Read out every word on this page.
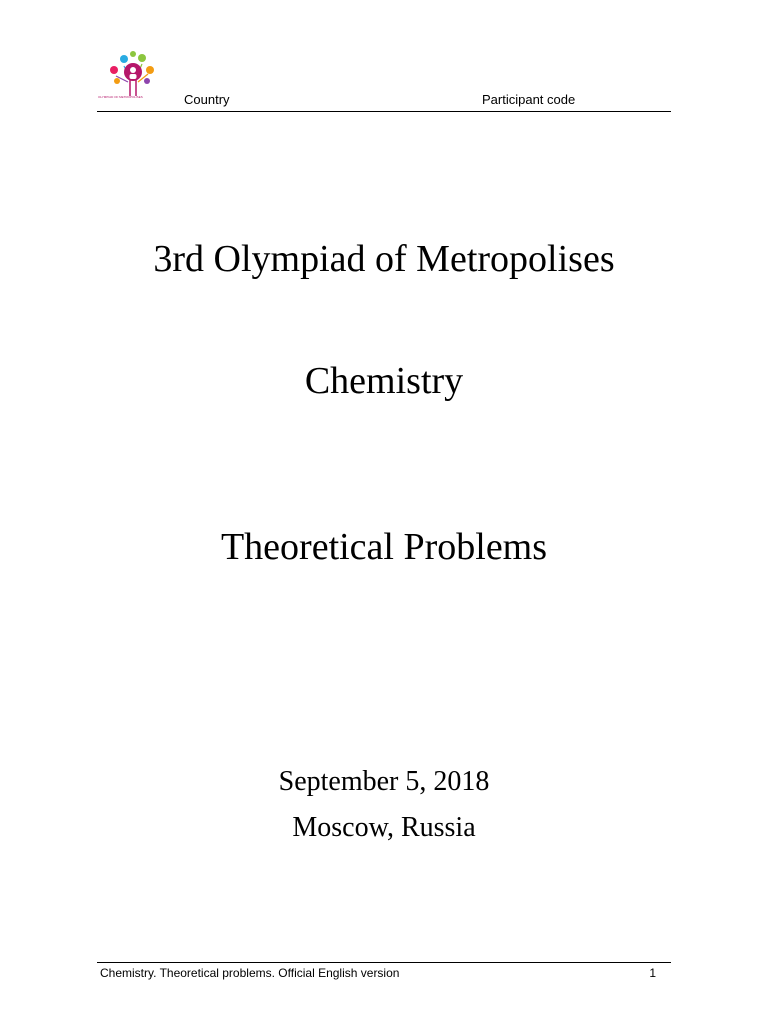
OLYMPIAD OF METROPOLISES	Country	Participant code
3rd Olympiad of Metropolises
Chemistry
Theoretical Problems
September 5, 2018
Moscow, Russia
Chemistry. Theoretical problems. Official English version	1
